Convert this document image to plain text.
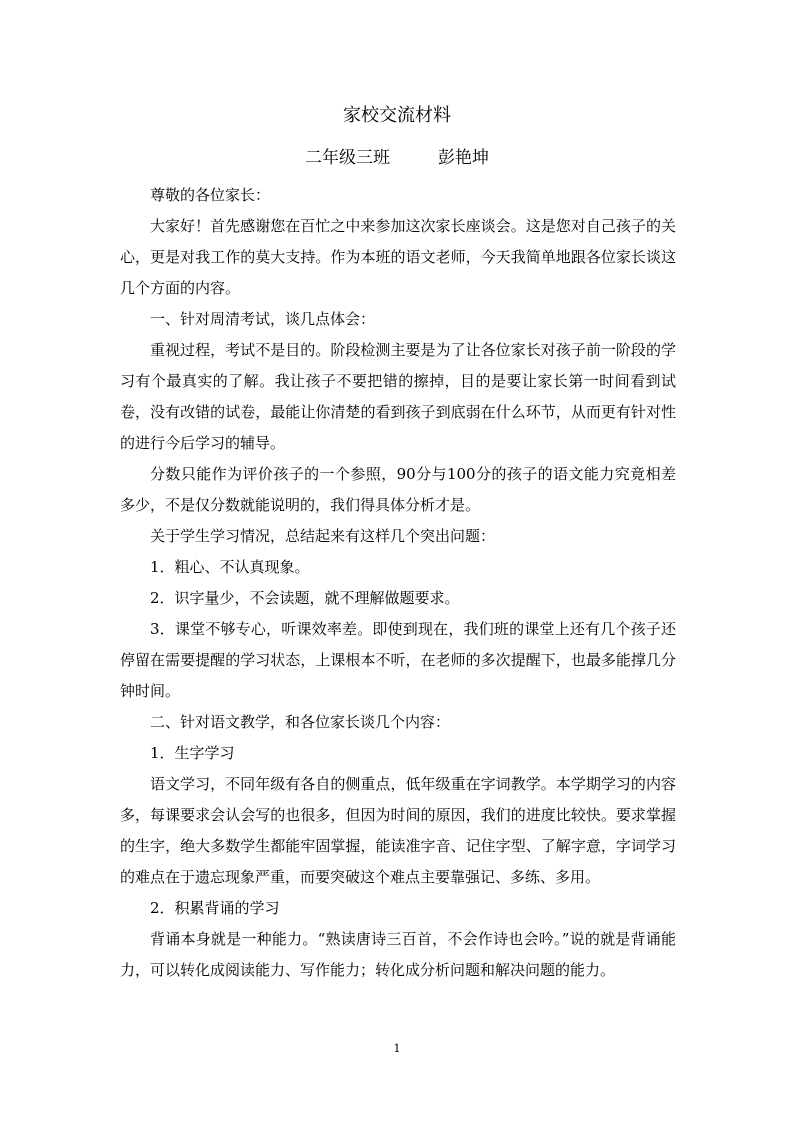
家校交流材料
二年级三班	彭艳坤

尊敬的各位家长：

大家好！首先感谢您在百忙之中来参加这次家长座谈会。这是您对自己孩子的关心，更是对我工作的莫大支持。作为本班的语文老师，今天我简单地跟各位家长谈这几个方面的内容。

一、针对周清考试，谈几点体会：

重视过程，考试不是目的。阶段检测主要是为了让各位家长对孩子前一阶段的学习有个最真实的了解。我让孩子不要把错的擦掉，目的是要让家长第一时间看到试卷，没有改错的试卷，最能让你清楚的看到孩子到底弱在什么环节，从而更有针对性的进行今后学习的辅导。

分数只能作为评价孩子的一个参照，90分与100分的孩子的语文能力究竟相差多少，不是仅分数就能说明的，我们得具体分析才是。

关于学生学习情况，总结起来有这样几个突出问题：

1．粗心、不认真现象。

2．识字量少，不会读题，就不理解做题要求。

3．课堂不够专心，听课效率差。即使到现在，我们班的课堂上还有几个孩子还停留在需要提醒的学习状态，上课根本不听，在老师的多次提醒下，也最多能撑几分钟时间。

二、针对语文教学，和各位家长谈几个内容：

1．生字学习

语文学习，不同年级有各自的侧重点，低年级重在字词教学。本学期学习的内容多，每课要求会认会写的也很多，但因为时间的原因，我们的进度比较快。要求掌握的生字，绝大多数学生都能牢固掌握，能读准字音、记住字型、了解字意，字词学习的难点在于遗忘现象严重，而要突破这个难点主要靠强记、多练、多用。

2．积累背诵的学习

背诵本身就是一种能力。“熟读唐诗三百首，不会作诗也会吟。”说的就是背诵能力，可以转化成阅读能力、写作能力；转化成分析问题和解决问题的能力。

1
